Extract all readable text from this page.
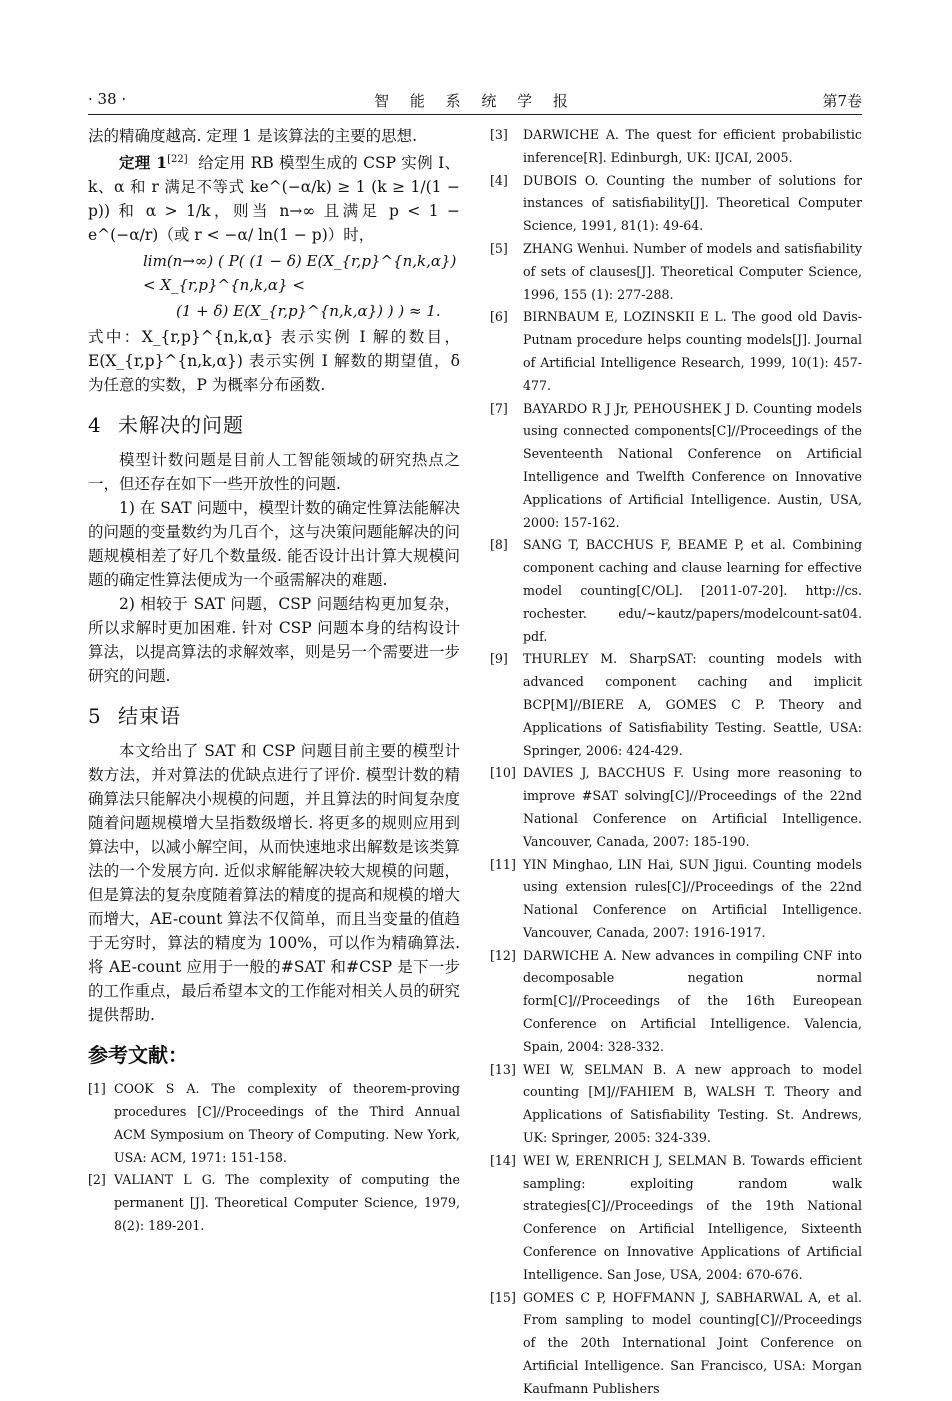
· 38 ·	智 能 系 统 学 报	第7卷

法的精确度越高. 定理 1 是该算法的主要的思想.

定理 1[22] 给定用 RB 模型生成的 CSP 实例 I、k、α 和 r 满足不等式 ke^(−α/k) ≥ 1 (k ≥ 1/(1 − p)) 和 α > 1/k，则当 n→∞ 且满足 p < 1 − e^(−α/r)（或 r < −α/ ln(1 − p)）时，

lim(n→∞) ( P( (1 − δ) E(X_{r,p}^{n,k,α}) < X_{r,p}^{n,k,α} <
(1 + δ) E(X_{r,p}^{n,k,α}) ) ) ≈ 1.

式中：X_{r,p}^{n,k,α} 表示实例 I 解的数目，E(X_{r,p}^{n,k,α}) 表示实例 I 解数的期望值，δ 为任意的实数，P 为概率分布函数.

4 未解决的问题

模型计数问题是目前人工智能领域的研究热点之一，但还存在如下一些开放性的问题.

1) 在 SAT 问题中，模型计数的确定性算法能解决的问题的变量数约为几百个，这与决策问题能解决的问题规模相差了好几个数量级. 能否设计出计算大规模问题的确定性算法便成为一个亟需解决的难题.

2) 相较于 SAT 问题，CSP 问题结构更加复杂，所以求解时更加困难. 针对 CSP 问题本身的结构设计算法，以提高算法的求解效率，则是另一个需要进一步研究的问题.

5 结束语

本文给出了 SAT 和 CSP 问题目前主要的模型计数方法，并对算法的优缺点进行了评价. 模型计数的精确算法只能解决小规模的问题，并且算法的时间复杂度随着问题规模增大呈指数级增长. 将更多的规则应用到算法中，以减小解空间，从而快速地求出解数是该类算法的一个发展方向. 近似求解能解决较大规模的问题，但是算法的复杂度随着算法的精度的提高和规模的增大而增大，AE-count 算法不仅简单，而且当变量的值趋于无穷时，算法的精度为 100%，可以作为精确算法. 将 AE-count 应用于一般的#SAT 和#CSP 是下一步的工作重点，最后希望本文的工作能对相关人员的研究提供帮助.

参考文献：
[1] COOK S A. The complexity of theorem-proving procedures [C]//Proceedings of the Third Annual ACM Symposium on Theory of Computing. New York, USA: ACM, 1971: 151-158.
[2] VALIANT L G. The complexity of computing the permanent [J]. Theoretical Computer Science, 1979, 8(2): 189-201.
[3] DARWICHE A. The quest for efficient probabilistic inference[R]. Edinburgh, UK: IJCAI, 2005.
[4] DUBOIS O. Counting the number of solutions for instances of satisfiability[J]. Theoretical Computer Science, 1991, 81(1): 49-64.
[5] ZHANG Wenhui. Number of models and satisfiability of sets of clauses[J]. Theoretical Computer Science, 1996, 155 (1): 277-288.
[6] BIRNBAUM E, LOZINSKII E L. The good old Davis-Putnam procedure helps counting models[J]. Journal of Artificial Intelligence Research, 1999, 10(1): 457-477.
[7] BAYARDO R J Jr, PEHOUSHEK J D. Counting models using connected components[C]//Proceedings of the Seventeenth National Conference on Artificial Intelligence and Twelfth Conference on Innovative Applications of Artificial Intelligence. Austin, USA, 2000: 157-162.
[8] SANG T, BACCHUS F, BEAME P, et al. Combining component caching and clause learning for effective model counting[C/OL]. [2011-07-20]. http://cs. rochester. edu/~kautz/papers/modelcount-sat04. pdf.
[9] THURLEY M. SharpSAT: counting models with advanced component caching and implicit BCP[M]//BIERE A, GOMES C P. Theory and Applications of Satisfiability Testing. Seattle, USA: Springer, 2006: 424-429.
[10] DAVIES J, BACCHUS F. Using more reasoning to improve #SAT solving[C]//Proceedings of the 22nd National Conference on Artificial Intelligence. Vancouver, Canada, 2007: 185-190.
[11] YIN Minghao, LIN Hai, SUN Jigui. Counting models using extension rules[C]//Proceedings of the 22nd National Conference on Artificial Intelligence. Vancouver, Canada, 2007: 1916-1917.
[12] DARWICHE A. New advances in compiling CNF into decomposable negation normal form[C]//Proceedings of the 16th Eureopean Conference on Artificial Intelligence. Valencia, Spain, 2004: 328-332.
[13] WEI W, SELMAN B. A new approach to model counting [M]//FAHIEM B, WALSH T. Theory and Applications of Satisfiability Testing. St. Andrews, UK: Springer, 2005: 324-339.
[14] WEI W, ERENRICH J, SELMAN B. Towards efficient sampling: exploiting random walk strategies[C]//Proceedings of the 19th National Conference on Artificial Intelligence, Sixteenth Conference on Innovative Applications of Artificial Intelligence. San Jose, USA, 2004: 670-676.
[15] GOMES C P, HOFFMANN J, SABHARWAL A, et al. From sampling to model counting[C]//Proceedings of the 20th International Joint Conference on Artificial Intelligence. San Francisco, USA: Morgan Kaufmann Publishers
